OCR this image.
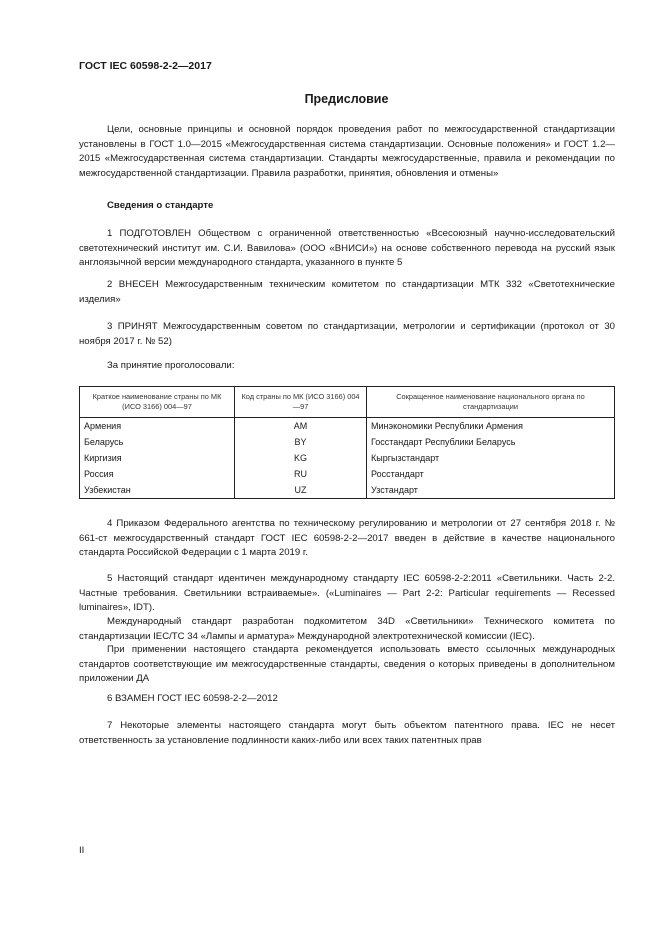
ГОСТ IEC 60598-2-2—2017
Предисловие

Цели, основные принципы и основной порядок проведения работ по межгосударственной стандартизации установлены в ГОСТ 1.0—2015 «Межгосударственная система стандартизации. Основные положения» и ГОСТ 1.2—2015 «Межгосударственная система стандартизации. Стандарты межгосударственные, правила и рекомендации по межгосударственной стандартизации. Правила разработки, принятия, обновления и отмены»

Сведения о стандарте

1 ПОДГОТОВЛЕН Обществом с ограниченной ответственностью «Всесоюзный научно-исследовательский светотехнический институт им. С.И. Вавилова» (ООО «ВНИСИ») на основе собственного перевода на русский язык англоязычной версии международного стандарта, указанного в пункте 5

2 ВНЕСЕН Межгосударственным техническим комитетом по стандартизации МТК 332 «Светотехнические изделия»

3 ПРИНЯТ Межгосударственным советом по стандартизации, метрологии и сертификации (протокол от 30 ноября 2017 г. № 52)

За принятие проголосовали:
Краткое наименование страны по МК (ИСО 3166) 004—97	Код страны по МК (ИСО 3166) 004—97	Сокращенное наименование национального органа по стандартизации
Армения	AM	Минэкономики Республики Армения
Беларусь	BY	Госстандарт Республики Беларусь
Киргизия	KG	Кыргызстандарт
Россия	RU	Росстандарт
Узбекистан	UZ	Узстандарт

4 Приказом Федерального агентства по техническому регулированию и метрологии от 27 сентября 2018 г. № 661-ст межгосударственный стандарт ГОСТ IEC 60598-2-2—2017 введен в действие в качестве национального стандарта Российской Федерации с 1 марта 2019 г.

5 Настоящий стандарт идентичен международному стандарту IEC 60598-2-2:2011 «Светильники. Часть 2-2. Частные требования. Светильники встраиваемые». («Luminaires — Part 2-2: Particular requirements — Recessed luminaires», IDT).

Международный стандарт разработан подкомитетом 34D «Светильники» Технического комитета по стандартизации IEC/TC 34 «Лампы и арматура» Международной электротехнической комиссии (IEC).

При применении настоящего стандарта рекомендуется использовать вместо ссылочных международных стандартов соответствующие им межгосударственные стандарты, сведения о которых приведены в дополнительном приложении ДА

6 ВЗАМЕН ГОСТ IEC 60598-2-2—2012

7 Некоторые элементы настоящего стандарта могут быть объектом патентного права. IEC не несет ответственность за установление подлинности каких-либо или всех таких патентных прав

II
